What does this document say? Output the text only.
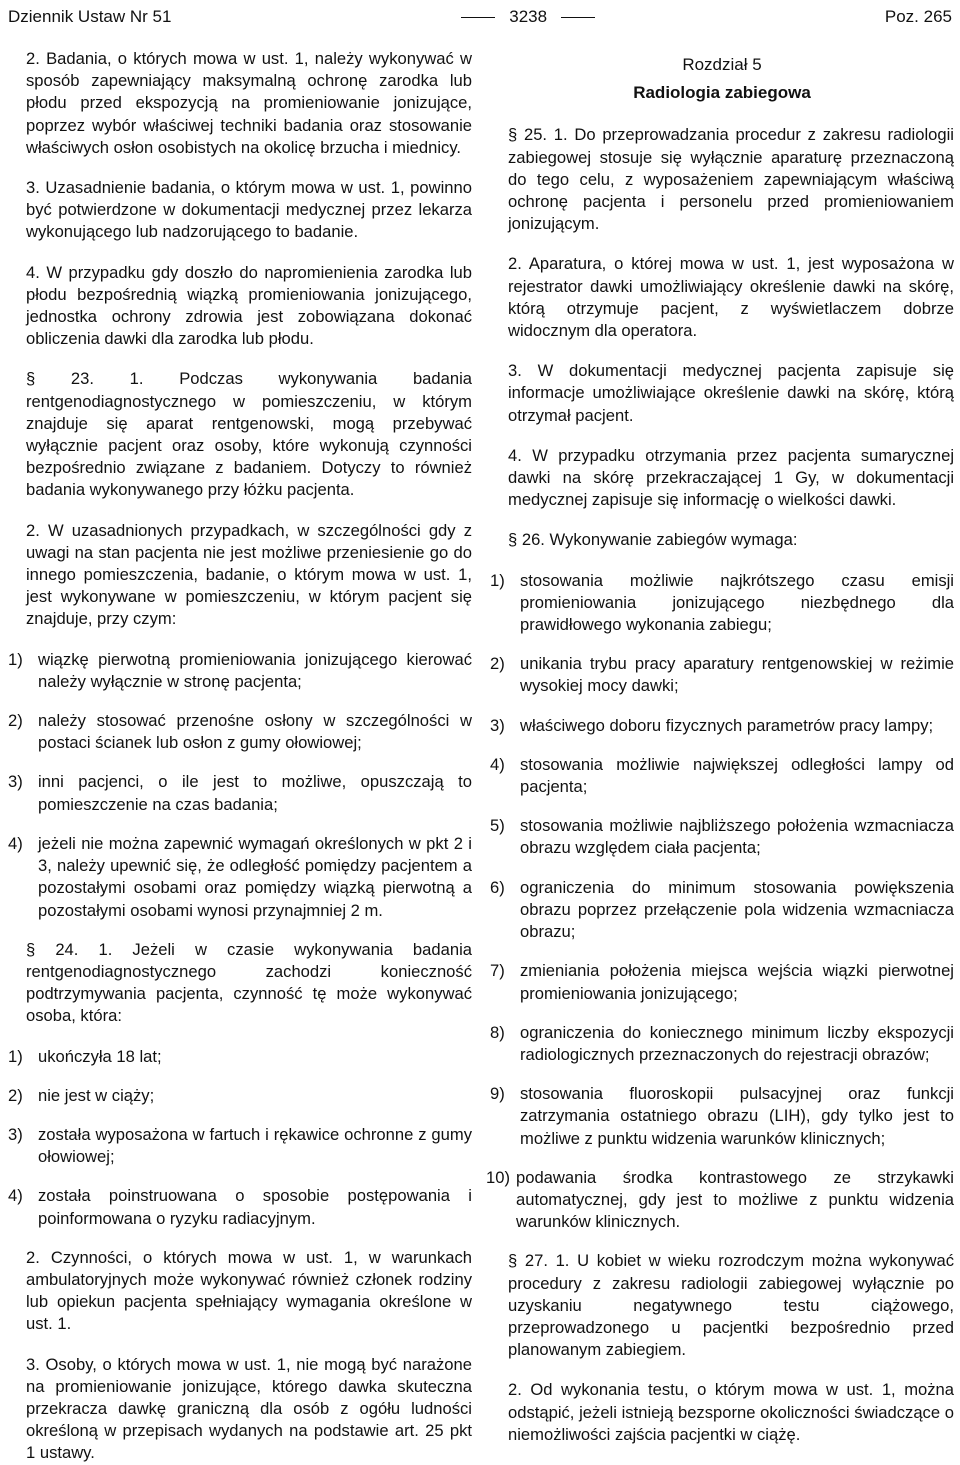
Dziennik Ustaw Nr 51	3238	Poz. 265

2. Badania, o których mowa w ust. 1, należy wykonywać w sposób zapewniający maksymalną ochronę zarodka lub płodu przed ekspozycją na promieniowanie jonizujące, poprzez wybór właściwej techniki badania oraz stosowanie właściwych osłon osobistych na okolicę brzucha i miednicy.

3. Uzasadnienie badania, o którym mowa w ust. 1, powinno być potwierdzone w dokumentacji medycznej przez lekarza wykonującego lub nadzorującego to badanie.

4. W przypadku gdy doszło do napromienienia zarodka lub płodu bezpośrednią wiązką promieniowania jonizującego, jednostka ochrony zdrowia jest zobowiązana dokonać obliczenia dawki dla zarodka lub płodu.

§ 23. 1. Podczas wykonywania badania rentgenodiagnostycznego w pomieszczeniu, w którym znajduje się aparat rentgenowski, mogą przebywać wyłącznie pacjent oraz osoby, które wykonują czynności bezpośrednio związane z badaniem. Dotyczy to również badania wykonywanego przy łóżku pacjenta.

2. W uzasadnionych przypadkach, w szczególności gdy z uwagi na stan pacjenta nie jest możliwe przeniesienie go do innego pomieszczenia, badanie, o którym mowa w ust. 1, jest wykonywane w pomieszczeniu, w którym pacjent się znajduje, przy czym:

1) wiązkę pierwotną promieniowania jonizującego kierować należy wyłącznie w stronę pacjenta;
2) należy stosować przenośne osłony w szczególności w postaci ścianek lub osłon z gumy ołowiowej;
3) inni pacjenci, o ile jest to możliwe, opuszczają to pomieszczenie na czas badania;
4) jeżeli nie można zapewnić wymagań określonych w pkt 2 i 3, należy upewnić się, że odległość pomiędzy pacjentem a pozostałymi osobami oraz pomiędzy wiązką pierwotną a pozostałymi osobami wynosi przynajmniej 2 m.

§ 24. 1. Jeżeli w czasie wykonywania badania rentgenodiagnostycznego zachodzi konieczność podtrzymywania pacjenta, czynność tę może wykonywać osoba, która:

1) ukończyła 18 lat;
2) nie jest w ciąży;
3) została wyposażona w fartuch i rękawice ochronne z gumy ołowiowej;
4) została poinstruowana o sposobie postępowania i poinformowana o ryzyku radiacyjnym.

2. Czynności, o których mowa w ust. 1, w warunkach ambulatoryjnych może wykonywać również członek rodziny lub opiekun pacjenta spełniający wymagania określone w ust. 1.

3. Osoby, o których mowa w ust. 1, nie mogą być narażone na promieniowanie jonizujące, którego dawka skuteczna przekracza dawkę graniczną dla osób z ogółu ludności określoną w przepisach wydanych na podstawie art. 25 pkt 1 ustawy.

Rozdział 5
Radiologia zabiegowa

§ 25. 1. Do przeprowadzania procedur z zakresu radiologii zabiegowej stosuje się wyłącznie aparaturę przeznaczoną do tego celu, z wyposażeniem zapewniającym właściwą ochronę pacjenta i personelu przed promieniowaniem jonizującym.

2. Aparatura, o której mowa w ust. 1, jest wyposażona w rejestrator dawki umożliwiający określenie dawki na skórę, którą otrzymuje pacjent, z wyświetlaczem dobrze widocznym dla operatora.

3. W dokumentacji medycznej pacjenta zapisuje się informacje umożliwiające określenie dawki na skórę, którą otrzymał pacjent.

4. W przypadku otrzymania przez pacjenta sumarycznej dawki na skórę przekraczającej 1 Gy, w dokumentacji medycznej zapisuje się informację o wielkości dawki.

§ 26. Wykonywanie zabiegów wymaga:

1) stosowania możliwie najkrótszego czasu emisji promieniowania jonizującego niezbędnego dla prawidłowego wykonania zabiegu;
2) unikania trybu pracy aparatury rentgenowskiej w reżimie wysokiej mocy dawki;
3) właściwego doboru fizycznych parametrów pracy lampy;
4) stosowania możliwie największej odległości lampy od pacjenta;
5) stosowania możliwie najbliższego położenia wzmacniacza obrazu względem ciała pacjenta;
6) ograniczenia do minimum stosowania powiększenia obrazu poprzez przełączenie pola widzenia wzmacniacza obrazu;
7) zmieniania położenia miejsca wejścia wiązki pierwotnej promieniowania jonizującego;
8) ograniczenia do koniecznego minimum liczby ekspozycji radiologicznych przeznaczonych do rejestracji obrazów;
9) stosowania fluoroskopii pulsacyjnej oraz funkcji zatrzymania ostatniego obrazu (LIH), gdy tylko jest to możliwe z punktu widzenia warunków klinicznych;
10) podawania środka kontrastowego ze strzykawki automatycznej, gdy jest to możliwe z punktu widzenia warunków klinicznych.

§ 27. 1. U kobiet w wieku rozrodczym można wykonywać procedury z zakresu radiologii zabiegowej wyłącznie po uzyskaniu negatywnego testu ciążowego, przeprowadzonego u pacjentki bezpośrednio przed planowanym zabiegiem.

2. Od wykonania testu, o którym mowa w ust. 1, można odstąpić, jeżeli istnieją bezsporne okoliczności świadczące o niemożliwości zajścia pacjentki w ciążę.
